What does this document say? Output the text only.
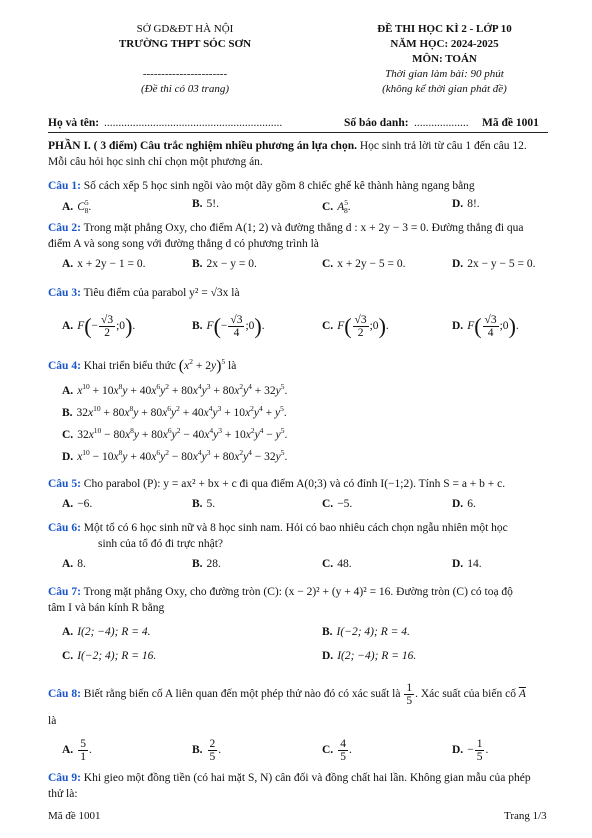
SỞ GD&ĐT HÀ NỘI
TRƯỜNG THPT SÓC SƠN
-----------------------
(Đề thi có 03 trang)
ĐỀ THI HỌC KÌ 2 - LỚP 10
NĂM HỌC: 2024-2025
MÔN: TOÁN
Thời gian làm bài: 90 phút
(không kể thời gian phát đề)
Họ và tên: ..............................................................	Số báo danh: ................... Mã đề 1001
PHẦN I. ( 3 điểm) Câu trắc nghiệm nhiều phương án lựa chọn. Học sinh trả lời từ câu 1 đến câu 12.
Mỗi câu hỏi học sinh chỉ chọn một phương án.
Câu 1: Số cách xếp 5 học sinh ngồi vào một dãy gồm 8 chiếc ghế kê thành hàng ngang bằng
A. $C^5_8$.	B. 5!.	C. $A^5_8$.	D. 8!.
Câu 2: Trong mặt phẳng Oxy, cho điểm A(1; 2) và đường thẳng d : x + 2y − 3 = 0. Đường thẳng đi qua
điểm A và song song với đường thẳng d có phương trình là
A. x + 2y − 1 = 0.	B. 2x − y = 0.	C. x + 2y − 5 = 0.	D. 2x − y − 5 = 0.
Câu 3: Tiêu điểm của parabol y² = √3x là
A. $F(- \frac{√3}{2}$ ;0).	B. $F(- \frac{√3}{4}$ ;0).	C. $F( \frac{√3}{2}$ ;0).	D. $F( \frac{√3}{4}$ ;0).
Câu 4: Khai triển biểu thức $(x^2 + 2y)^5$ là
A. $x^{10} + 10x^8y + 40x^6y^2 + 80x^4y^3 + 80x^2y^4 + 32y^5$.
B. $32x^{10} + 80x^8y + 80x^6y^2 + 40x^4y^3 + 10x^2y^4 + y^5$.
C. $32x^{10} - 80x^8y + 80x^6y^2 - 40x^4y^3 + 10x^2y^4 - y^5$.
D. $x^{10} - 10x^8y + 40x^6y^2 - 80x^4y^3 + 80x^2y^4 - 32y^5$.
Câu 5: Cho parabol (P): y = ax² + bx + c đi qua điểm A(0;3) và có đỉnh I(−1;2). Tính S = a + b + c.
A. −6.	B. 5.	C. −5.	D. 6.
Câu 6: Một tổ có 6 học sinh nữ và 8 học sinh nam. Hỏi có bao nhiêu cách chọn ngẫu nhiên một học
sinh của tổ đó đi trực nhật?
A. 8.	B. 28.	C. 48.	D. 14.
Câu 7: Trong mặt phẳng Oxy, cho đường tròn (C): (x − 2)² + (y + 4)² = 16. Đường tròn (C) có toạ độ
tâm I và bán kính R bằng
A. I(2; −4); R = 4.	B. I(−2; 4); R = 4.
C. I(−2; 4); R = 16.	D. I(2; −4); R = 16.
Câu 8: Biết rằng biến cố A liên quan đến một phép thử nào đó có xác suất là $\frac{1}{5}$ . Xác suất của biến cố $\overline{A}$
là
A. $\frac{5}{1}$ .	B. $\frac{2}{5}$ .	C. $\frac{4}{5}$ .	D. − $\frac{1}{5}$ .
Câu 9: Khi gieo một đồng tiền (có hai mặt S, N) cân đối và đồng chất hai lần. Không gian mẫu của phép
thử là:
Mã đề 1001	Trang 1/3
